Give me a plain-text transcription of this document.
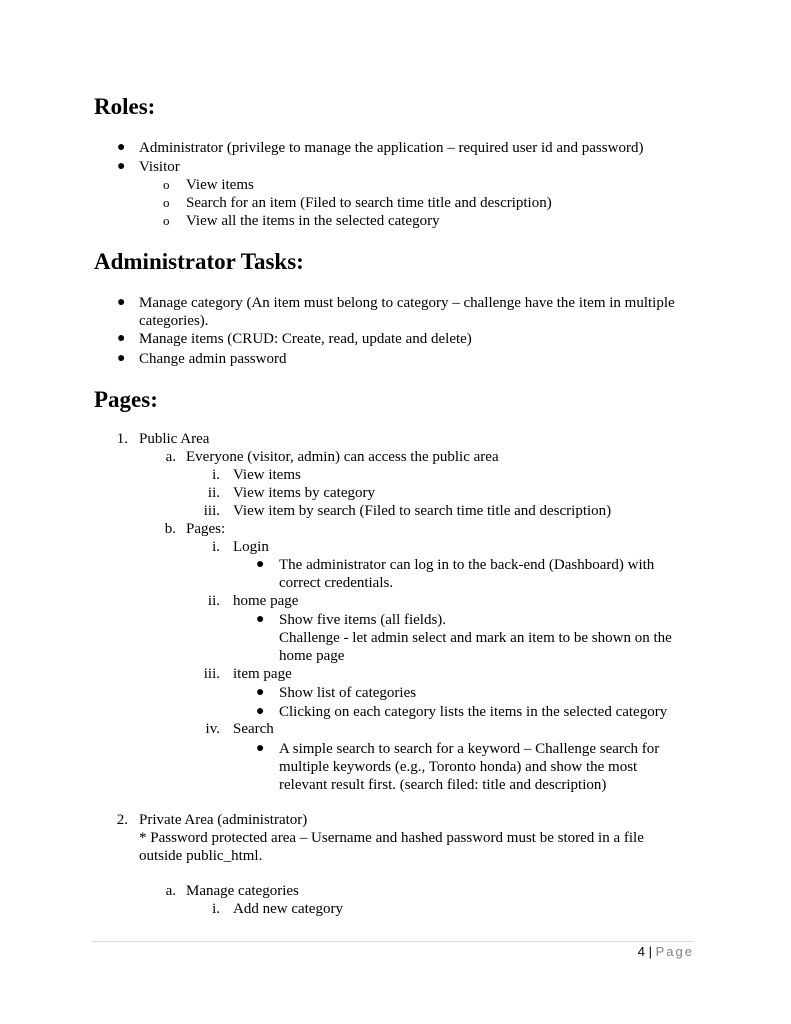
Roles:
● Administrator (privilege to manage the application – required user id and password)
● Visitor
o View items
o Search for an item (Filed to search time title and description)
o View all the items in the selected category
Administrator Tasks:
● Manage category (An item must belong to category – challenge have the item in multiple
categories).
● Manage items (CRUD: Create, read, update and delete)
● Change admin password
Pages:
1. Public Area
a. Everyone (visitor, admin) can access the public area
i. View items
ii. View items by category
iii. View item by search (Filed to search time title and description)
b. Pages:
i. Login
● The administrator can log in to the back-end (Dashboard) with
correct credentials.
ii. home page
● Show five items (all fields).
Challenge - let admin select and mark an item to be shown on the
home page
iii. item page
● Show list of categories
● Clicking on each category lists the items in the selected category
iv. Search
● A simple search to search for a keyword – Challenge search for
multiple keywords (e.g., Toronto honda) and show the most
relevant result first. (search filed: title and description)
2. Private Area (administrator)
* Password protected area – Username and hashed password must be stored in a file
outside public_html.
a. Manage categories
i. Add new category
4 | Page
